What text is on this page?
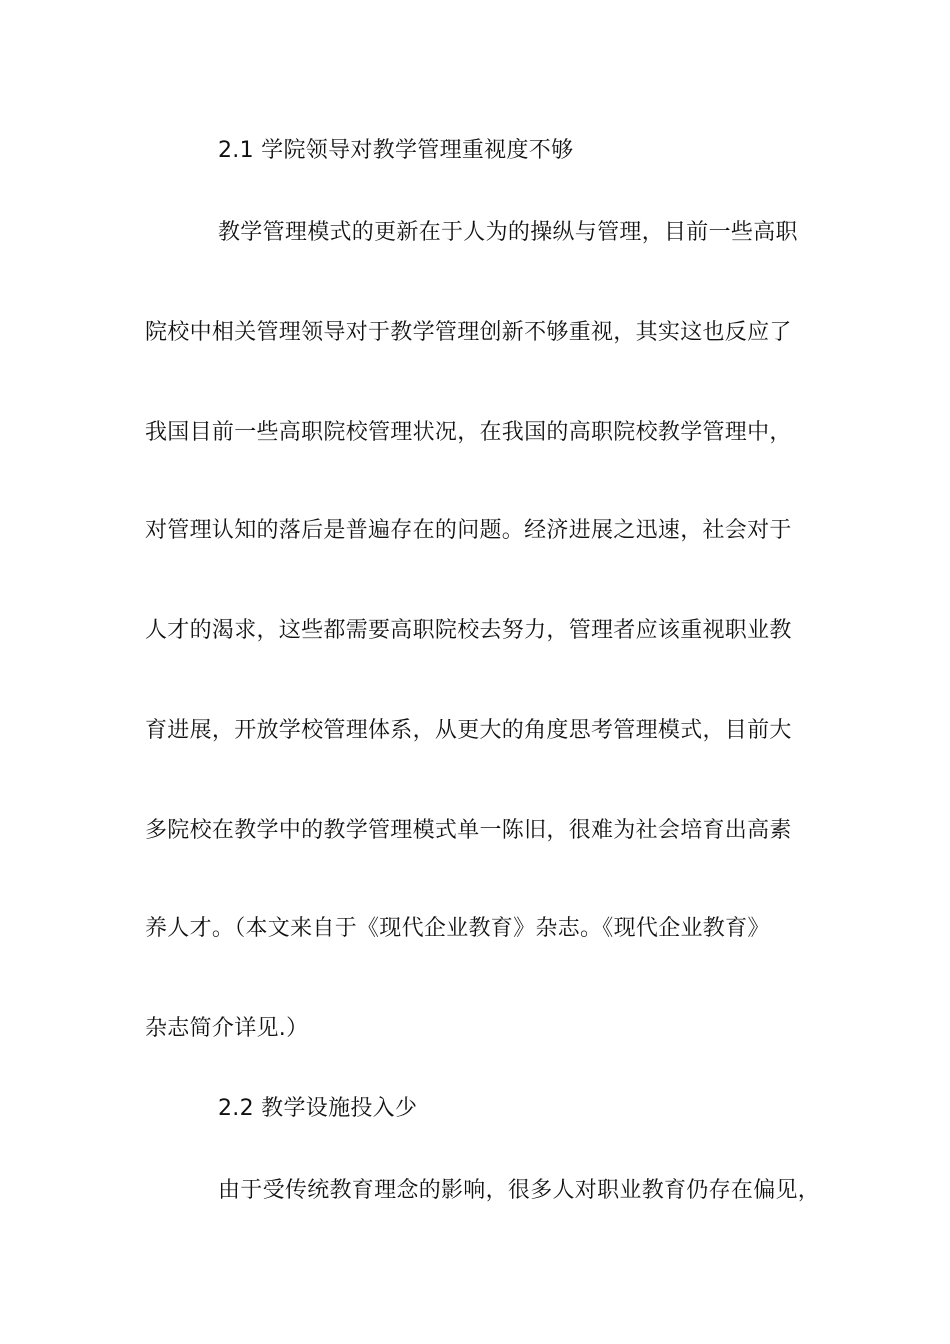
2.1 学院领导对教学管理重视度不够
教学管理模式的更新在于人为的操纵与管理，目前一些高职
院校中相关管理领导对于教学管理创新不够重视，其实这也反应了
我国目前一些高职院校管理状况，在我国的高职院校教学管理中，
对管理认知的落后是普遍存在的问题。经济进展之迅速，社会对于
人才的渴求，这些都需要高职院校去努力，管理者应该重视职业教
育进展，开放学校管理体系，从更大的角度思考管理模式，目前大
多院校在教学中的教学管理模式单一陈旧，很难为社会培育出高素
养人才。（本文来自于《现代企业教育》杂志。《现代企业教育》
杂志简介详见.）
2.2 教学设施投入少
由于受传统教育理念的影响，很多人对职业教育仍存在偏见，
